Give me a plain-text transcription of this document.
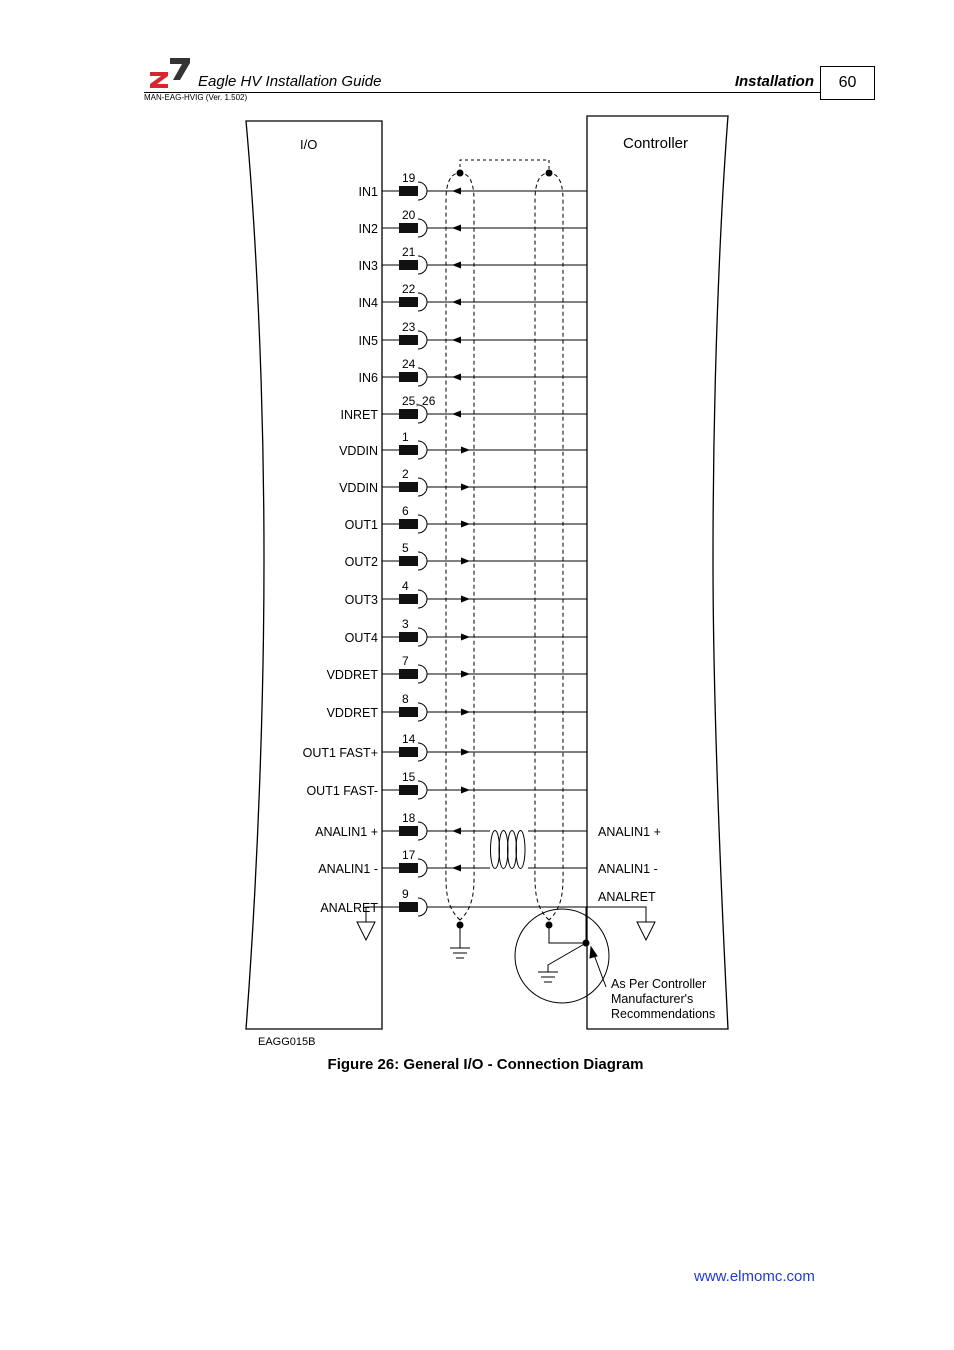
Eagle HV Installation Guide
MAN-EAG-HVIG (Ver. 1.502)
Installation 60
IN1
19
IN2
20
IN3
21
IN4
22
IN5
23
IN6
24
INRET
25, 26
VDDIN
1
VDDIN
2
OUT1
6
OUT2
5
OUT3
4
OUT4
3
VDDRET
7
VDDRET
8
OUT1 FAST+
14
OUT1 FAST-
15
ANALIN1 +
18
ANALIN1 +
ANALIN1 -
17
ANALIN1 -
ANALRET
9	ANALRET
I/O	Controller
EAGG015B
As Per Controller
Manufacturer's
Recommendations
Figure 26: General I/O - Connection Diagram
www.elmomc.com
